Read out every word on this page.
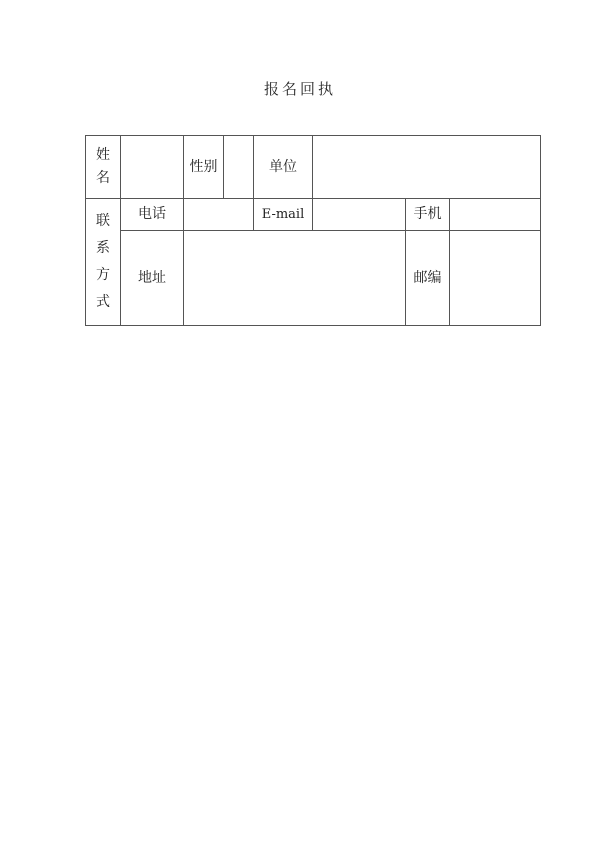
报名回执
姓
名		性别		单位			

联
系
方
式	电话			E-mail		手机	
	地址					邮编	
